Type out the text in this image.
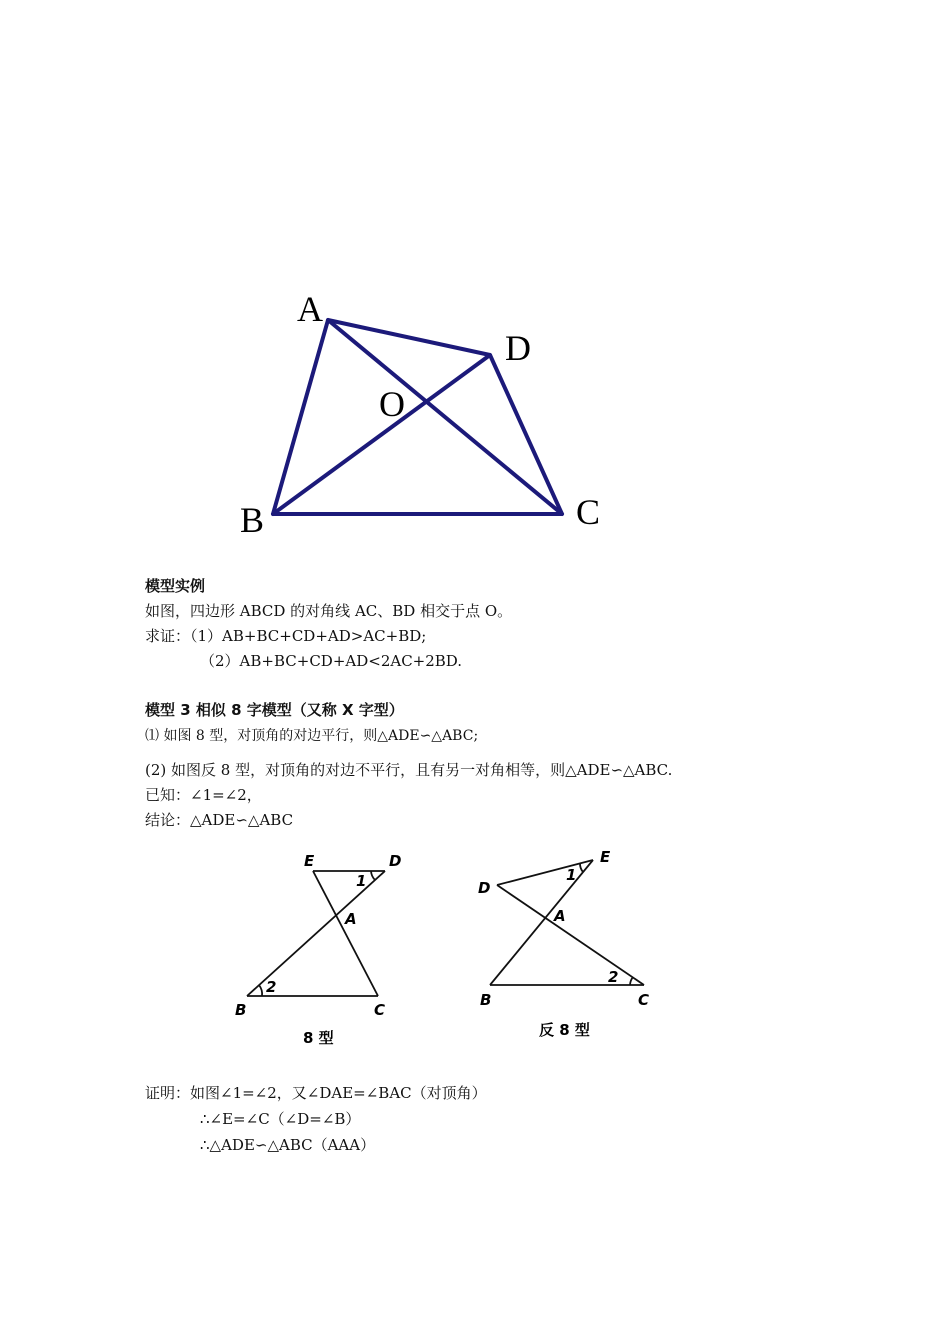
A
D
O
B	C
模型实例
如图，四边形 ABCD 的对角线 AC、BD 相交于点 O。
求证：（1）AB+BC+CD+AD>AC+BD;
（2）AB+BC+CD+AD<2AC+2BD.
模型 3 相似 8 字模型（又称 X 字型）
⑴ 如图 8 型，对顶角的对边平行，则△ADE∽△ABC;
(2) 如图反 8 型，对顶角的对边不平行，且有另一对角相等，则△ADE∽△ABC.
已知：∠1=∠2，
结论：△ADE∽△ABC
E	D
1
A
2
B	C
8 型
E
D
1
A
2
B	C
反 8 型
证明：如图∠1=∠2，又∠DAE=∠BAC（对顶角）
∴∠E=∠C（∠D=∠B）
∴△ADE∽△ABC（AAA）
